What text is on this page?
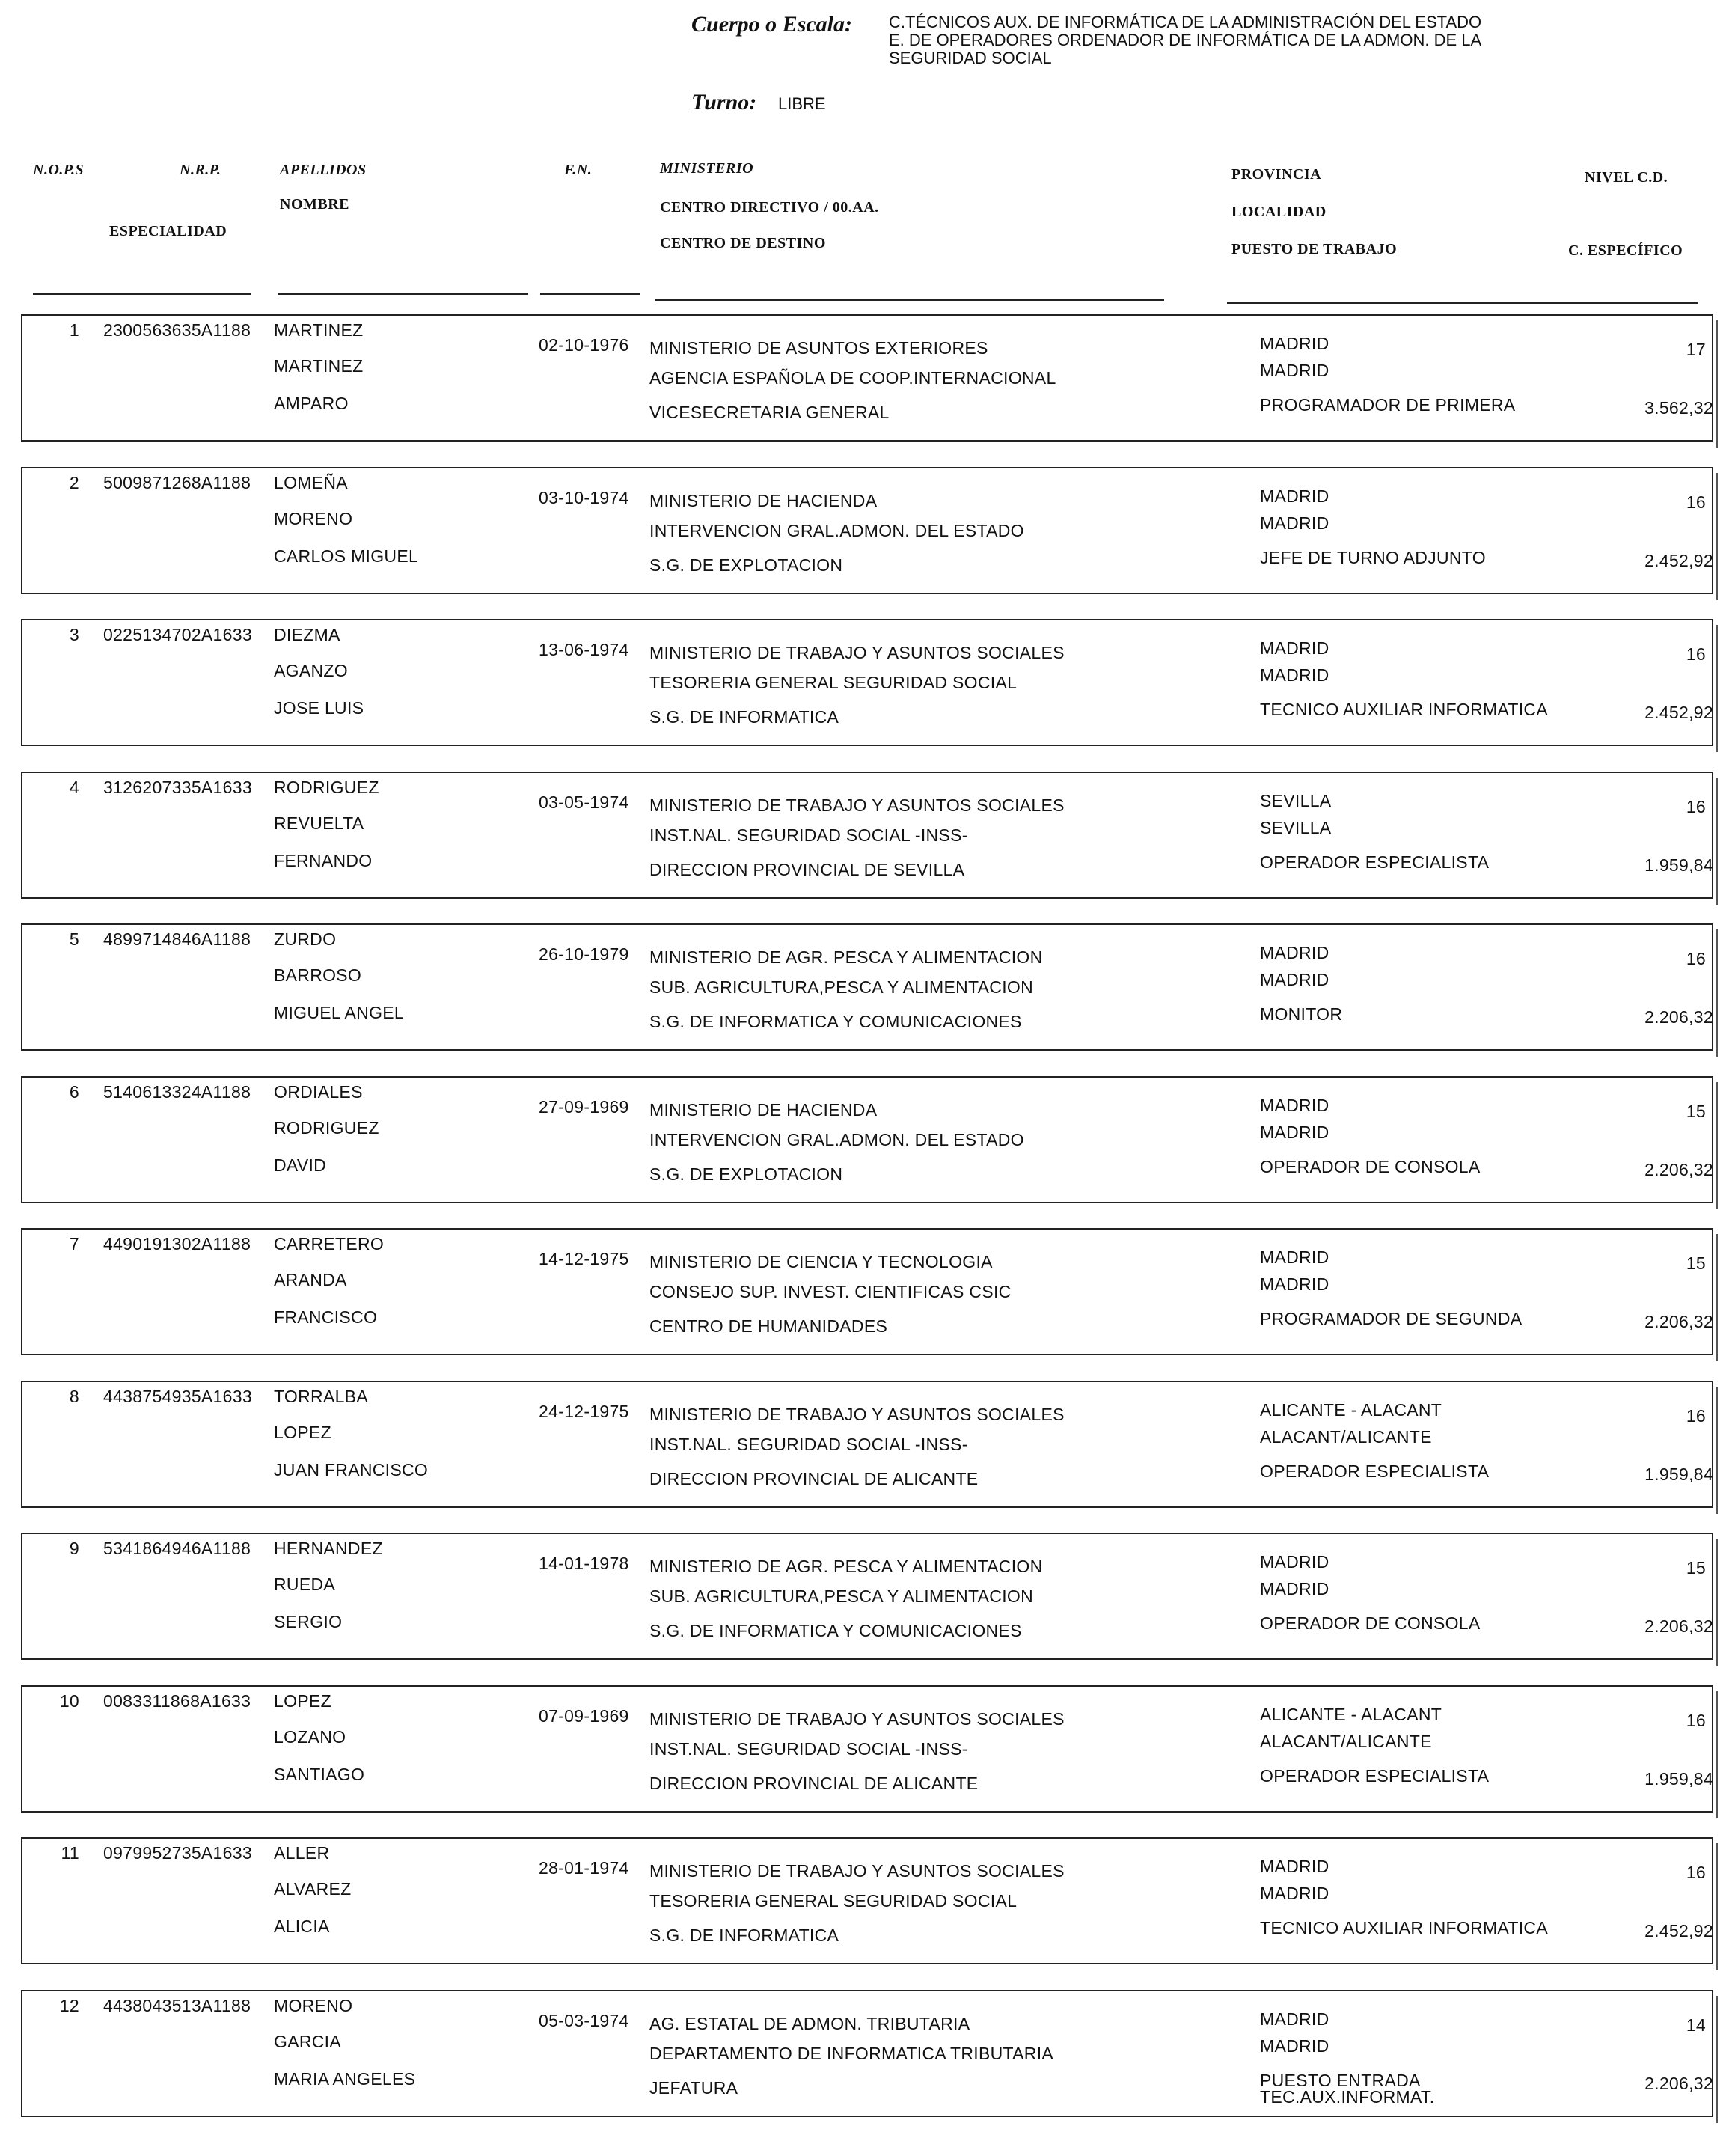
Cuerpo o Escala: C.TÉCNICOS AUX. DE INFORMÁTICA DE LA ADMINISTRACIÓN DEL ESTADO
E. DE OPERADORES ORDENADOR DE INFORMÁTICA DE LA ADMON. DE LA
SEGURIDAD SOCIAL
Turno: LIBRE
N.O.P.S	N.R.P.
ESPECIALIDAD
APELLIDOS
NOMBRE
F.N.	MINISTERIO
CENTRO DIRECTIVO / 00.AA.
CENTRO DE DESTINO
PROVINCIA
LOCALIDAD
PUESTO DE TRABAJO
NIVEL C.D.
C. ESPECÍFICO
1 2300563635A1188 MARTINEZ
MARTINEZ
AMPARO
02-10-1976 MINISTERIO DE ASUNTOS EXTERIORES
AGENCIA ESPAÑOLA DE COOP.INTERNACIONAL
VICESECRETARIA GENERAL
MADRID
MADRID
PROGRAMADOR DE PRIMERA
17
3.562,32
2 5009871268A1188 LOMEÑA
MORENO
CARLOS MIGUEL
03-10-1974 MINISTERIO DE HACIENDA
INTERVENCION GRAL.ADMON. DEL ESTADO
S.G. DE EXPLOTACION
MADRID
MADRID
JEFE DE TURNO ADJUNTO
16
2.452,92
3 0225134702A1633 DIEZMA
AGANZO
JOSE LUIS
13-06-1974 MINISTERIO DE TRABAJO Y ASUNTOS SOCIALES
TESORERIA GENERAL SEGURIDAD SOCIAL
S.G. DE INFORMATICA
MADRID
MADRID
TECNICO AUXILIAR INFORMATICA
16
2.452,92
4 3126207335A1633 RODRIGUEZ
REVUELTA
FERNANDO
03-05-1974 MINISTERIO DE TRABAJO Y ASUNTOS SOCIALES
INST.NAL. SEGURIDAD SOCIAL -INSS-
DIRECCION PROVINCIAL DE SEVILLA
SEVILLA
SEVILLA
OPERADOR ESPECIALISTA
16
1.959,84
5 4899714846A1188 ZURDO
BARROSO
MIGUEL ANGEL
26-10-1979 MINISTERIO DE AGR. PESCA Y ALIMENTACION
SUB. AGRICULTURA,PESCA Y ALIMENTACION
S.G. DE INFORMATICA Y COMUNICACIONES
MADRID
MADRID
MONITOR
16
2.206,32
6 5140613324A1188 ORDIALES
RODRIGUEZ
DAVID
27-09-1969 MINISTERIO DE HACIENDA
INTERVENCION GRAL.ADMON. DEL ESTADO
S.G. DE EXPLOTACION
MADRID
MADRID
OPERADOR DE CONSOLA
15
2.206,32
7 4490191302A1188 CARRETERO
ARANDA
FRANCISCO
14-12-1975 MINISTERIO DE CIENCIA Y TECNOLOGIA
CONSEJO SUP. INVEST. CIENTIFICAS CSIC
CENTRO DE HUMANIDADES
MADRID
MADRID
PROGRAMADOR DE SEGUNDA
15
2.206,32
8 4438754935A1633 TORRALBA
LOPEZ
JUAN FRANCISCO
24-12-1975 MINISTERIO DE TRABAJO Y ASUNTOS SOCIALES
INST.NAL. SEGURIDAD SOCIAL -INSS-
DIRECCION PROVINCIAL DE ALICANTE
ALICANTE - ALACANT
ALACANT/ALICANTE
OPERADOR ESPECIALISTA
16
1.959,84
9 5341864946A1188 HERNANDEZ
RUEDA
SERGIO
14-01-1978 MINISTERIO DE AGR. PESCA Y ALIMENTACION
SUB. AGRICULTURA,PESCA Y ALIMENTACION
S.G. DE INFORMATICA Y COMUNICACIONES
MADRID
MADRID
OPERADOR DE CONSOLA
15
2.206,32
10 0083311868A1633 LOPEZ
LOZANO
SANTIAGO
07-09-1969 MINISTERIO DE TRABAJO Y ASUNTOS SOCIALES
INST.NAL. SEGURIDAD SOCIAL -INSS-
DIRECCION PROVINCIAL DE ALICANTE
ALICANTE - ALACANT
ALACANT/ALICANTE
OPERADOR ESPECIALISTA
16
1.959,84
11 0979952735A1633 ALLER
ALVAREZ
ALICIA
28-01-1974 MINISTERIO DE TRABAJO Y ASUNTOS SOCIALES
TESORERIA GENERAL SEGURIDAD SOCIAL
S.G. DE INFORMATICA
MADRID
MADRID
TECNICO AUXILIAR INFORMATICA
16
2.452,92
12 4438043513A1188 MORENO
GARCIA
MARIA ANGELES
05-03-1974 AG. ESTATAL DE ADMON. TRIBUTARIA
DEPARTAMENTO DE INFORMATICA TRIBUTARIA
JEFATURA
MADRID
MADRID
PUESTO ENTRADA
TEC.AUX.INFORMAT.
14
2.206,32
